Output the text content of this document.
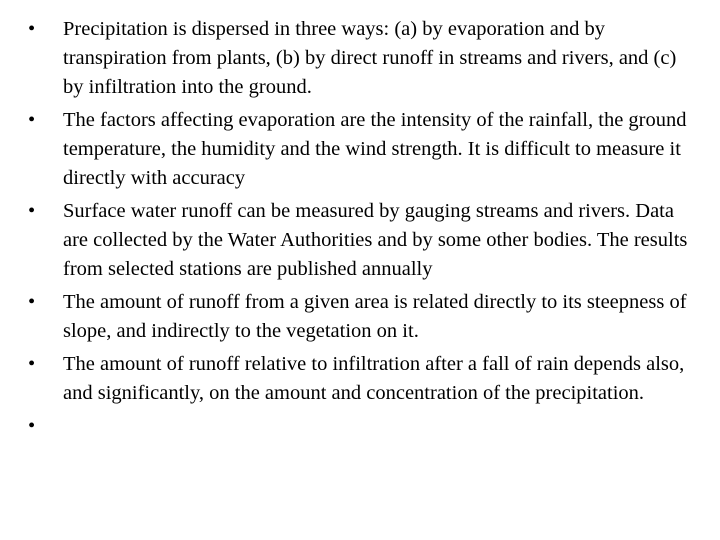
•	Precipitation is dispersed in three ways: (a) by evaporation and by transpiration from plants, (b) by direct runoff in streams and rivers, and (c) by infiltration into the ground.
•	The factors affecting evaporation are the intensity of the rainfall, the ground temperature, the humidity and the wind strength. It is difficult to measure it directly with accuracy
•	Surface water runoff can be measured by gauging streams and rivers. Data are collected by the Water Authorities and by some other bodies. The results from selected stations are published annually
•	The amount of runoff from a given area is related directly to its steepness of slope, and indirectly to the vegetation on it.
•	The amount of runoff relative to infiltration after a fall of rain depends also, and significantly, on the amount and concentration of the precipitation.
•
